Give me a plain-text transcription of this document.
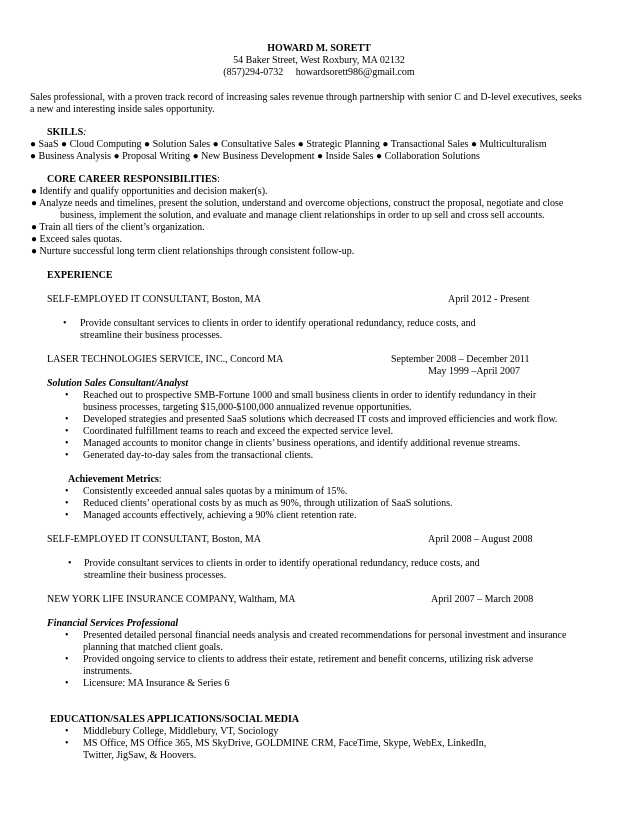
HOWARD M. SORETT
54 Baker Street, West Roxbury, MA 02132
(857)294-0732 howardsorett986@gmail.com
Sales professional, with a proven track record of increasing sales revenue through partnership with senior C and D-level executives, seeks
a new and interesting inside sales opportunity.
SKILLS:
● SaaS ● Cloud Computing ● Solution Sales ● Consultative Sales ● Strategic Planning ● Transactional Sales ● Multiculturalism
● Business Analysis ● Proposal Writing ● New Business Development ● Inside Sales ● Collaboration Solutions
CORE CAREER RESPONSIBILITIES:
● Identify and qualify opportunities and decision maker(s).
● Analyze needs and timelines, present the solution, understand and overcome objections, construct the proposal, negotiate and close
business, implement the solution, and evaluate and manage client relationships in order to up sell and cross sell accounts.
● Train all tiers of the client’s organization.
● Exceed sales quotas.
● Nurture successful long term client relationships through consistent follow-up.
EXPERIENCE
SELF-EMPLOYED IT CONSULTANT, Boston, MA	April 2012 - Present
• Provide consultant services to clients in order to identify operational redundancy, reduce costs, and
streamline their business processes.
LASER TECHNOLOGIES SERVICE, INC., Concord MA	September 2008 – December 2011
May 1999 –April 2007
Solution Sales Consultant/Analyst
• Reached out to prospective SMB-Fortune 1000 and small business clients in order to identify redundancy in their
business processes, targeting $15,000-$100,000 annualized revenue opportunities.
• Developed strategies and presented SaaS solutions which decreased IT costs and improved efficiencies and work flow.
• Coordinated fulfillment teams to reach and exceed the expected service level.
• Managed accounts to monitor change in clients’ business operations, and identify additional revenue streams.
• Generated day-to-day sales from the transactional clients.
Achievement Metrics:
• Consistently exceeded annual sales quotas by a minimum of 15%.
• Reduced clients’ operational costs by as much as 90%, through utilization of SaaS solutions.
• Managed accounts effectively, achieving a 90% client retention rate.
SELF-EMPLOYED IT CONSULTANT, Boston, MA	April 2008 – August 2008
• Provide consultant services to clients in order to identify operational redundancy, reduce costs, and
streamline their business processes.
NEW YORK LIFE INSURANCE COMPANY, Waltham, MA	April 2007 – March 2008
Financial Services Professional
• Presented detailed personal financial needs analysis and created recommendations for personal investment and insurance
planning that matched client goals.
• Provided ongoing service to clients to address their estate, retirement and benefit concerns, utilizing risk adverse
instruments.
• Licensure: MA Insurance & Series 6
EDUCATION/SALES APPLICATIONS/SOCIAL MEDIA
• Middlebury College, Middlebury, VT, Sociology
• MS Office, MS Office 365, MS SkyDrive, GOLDMINE CRM, FaceTime, Skype, WebEx, LinkedIn,
Twitter, JigSaw, & Hoovers.
